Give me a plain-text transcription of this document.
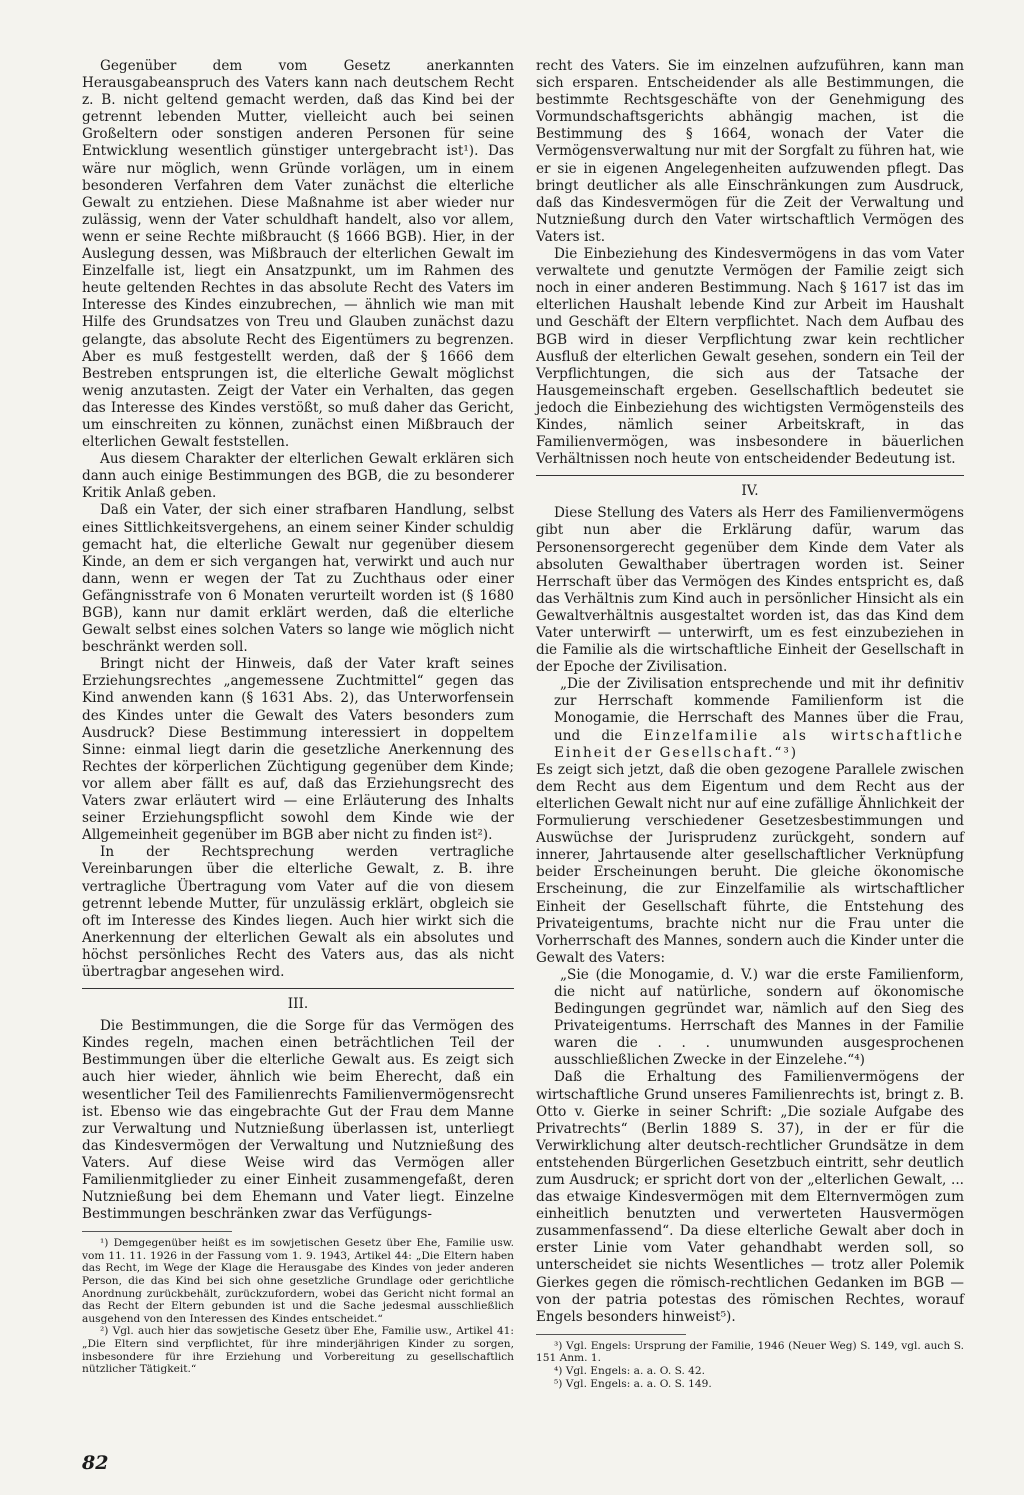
Gegenüber dem vom Gesetz anerkannten Herausgabeanspruch des Vaters kann nach deutschem Recht z. B. nicht geltend gemacht werden, daß das Kind bei der getrennt lebenden Mutter, vielleicht auch bei seinen Großeltern oder sonstigen anderen Personen für seine Entwicklung wesentlich günstiger untergebracht ist¹). Das wäre nur möglich, wenn Gründe vorlägen, um in einem besonderen Verfahren dem Vater zunächst die elterliche Gewalt zu entziehen. Diese Maßnahme ist aber wieder nur zulässig, wenn der Vater schuldhaft handelt, also vor allem, wenn er seine Rechte mißbraucht (§ 1666 BGB). Hier, in der Auslegung dessen, was Mißbrauch der elterlichen Gewalt im Einzelfalle ist, liegt ein Ansatzpunkt, um im Rahmen des heute geltenden Rechtes in das absolute Recht des Vaters im Interesse des Kindes einzubrechen, — ähnlich wie man mit Hilfe des Grundsatzes von Treu und Glauben zunächst dazu gelangte, das absolute Recht des Eigentümers zu begrenzen. Aber es muß festgestellt werden, daß der § 1666 dem Bestreben entsprungen ist, die elterliche Gewalt möglichst wenig anzutasten. Zeigt der Vater ein Verhalten, das gegen das Interesse des Kindes verstößt, so muß daher das Gericht, um einschreiten zu können, zunächst einen Mißbrauch der elterlichen Gewalt feststellen.

Aus diesem Charakter der elterlichen Gewalt erklären sich dann auch einige Bestimmungen des BGB, die zu besonderer Kritik Anlaß geben.

Daß ein Vater, der sich einer strafbaren Handlung, selbst eines Sittlichkeitsvergehens, an einem seiner Kinder schuldig gemacht hat, die elterliche Gewalt nur gegenüber diesem Kinde, an dem er sich vergangen hat, verwirkt und auch nur dann, wenn er wegen der Tat zu Zuchthaus oder einer Gefängnisstrafe von 6 Monaten verurteilt worden ist (§ 1680 BGB), kann nur damit erklärt werden, daß die elterliche Gewalt selbst eines solchen Vaters so lange wie möglich nicht beschränkt werden soll.

Bringt nicht der Hinweis, daß der Vater kraft seines Erziehungsrechtes „angemessene Zuchtmittel“ gegen das Kind anwenden kann (§ 1631 Abs. 2), das Unterworfensein des Kindes unter die Gewalt des Vaters besonders zum Ausdruck? Diese Bestimmung interessiert in doppeltem Sinne: einmal liegt darin die gesetzliche Anerkennung des Rechtes der körperlichen Züchtigung gegenüber dem Kinde; vor allem aber fällt es auf, daß das Erziehungsrecht des Vaters zwar erläutert wird — eine Erläuterung des Inhalts seiner Erziehungspflicht sowohl dem Kinde wie der Allgemeinheit gegenüber im BGB aber nicht zu finden ist²).

In der Rechtsprechung werden vertragliche Vereinbarungen über die elterliche Gewalt, z. B. ihre vertragliche Übertragung vom Vater auf die von diesem getrennt lebende Mutter, für unzulässig erklärt, obgleich sie oft im Interesse des Kindes liegen. Auch hier wirkt sich die Anerkennung der elterlichen Gewalt als ein absolutes und höchst persönliches Recht des Vaters aus, das als nicht übertragbar angesehen wird.

III.

Die Bestimmungen, die die Sorge für das Vermögen des Kindes regeln, machen einen beträchtlichen Teil der Bestimmungen über die elterliche Gewalt aus. Es zeigt sich auch hier wieder, ähnlich wie beim Eherecht, daß ein wesentlicher Teil des Familienrechts Familienvermögensrecht ist. Ebenso wie das eingebrachte Gut der Frau dem Manne zur Verwaltung und Nutznießung überlassen ist, unterliegt das Kindesvermögen der Verwaltung und Nutznießung des Vaters. Auf diese Weise wird das Vermögen aller Familienmitglieder zu einer Einheit zusammengefaßt, deren Nutznießung bei dem Ehemann und Vater liegt. Einzelne Bestimmungen beschränken zwar das Verfügungs-

¹) Demgegenüber heißt es im sowjetischen Gesetz über Ehe, Familie usw. vom 11. 11. 1926 in der Fassung vom 1. 9. 1943, Artikel 44: „Die Eltern haben das Recht, im Wege der Klage die Herausgabe des Kindes von jeder anderen Person, die das Kind bei sich ohne gesetzliche Grundlage oder gerichtliche Anordnung zurückbehält, zurückzufordern, wobei das Gericht nicht formal an das Recht der Eltern gebunden ist und die Sache jedesmal ausschließlich ausgehend von den Interessen des Kindes entscheidet.“

²) Vgl. auch hier das sowjetische Gesetz über Ehe, Familie usw., Artikel 41: „Die Eltern sind verpflichtet, für ihre minderjährigen Kinder zu sorgen, insbesondere für ihre Erziehung und Vorbereitung zu gesellschaftlich nützlicher Tätigkeit.“

recht des Vaters. Sie im einzelnen aufzuführen, kann man sich ersparen. Entscheidender als alle Bestimmungen, die bestimmte Rechtsgeschäfte von der Genehmigung des Vormundschaftsgerichts abhängig machen, ist die Bestimmung des § 1664, wonach der Vater die Vermögensverwaltung nur mit der Sorgfalt zu führen hat, wie er sie in eigenen Angelegenheiten aufzuwenden pflegt. Das bringt deutlicher als alle Einschränkungen zum Ausdruck, daß das Kindesvermögen für die Zeit der Verwaltung und Nutznießung durch den Vater wirtschaftlich Vermögen des Vaters ist.

Die Einbeziehung des Kindesvermögens in das vom Vater verwaltete und genutzte Vermögen der Familie zeigt sich noch in einer anderen Bestimmung. Nach § 1617 ist das im elterlichen Haushalt lebende Kind zur Arbeit im Haushalt und Geschäft der Eltern verpflichtet. Nach dem Aufbau des BGB wird in dieser Verpflichtung zwar kein rechtlicher Ausfluß der elterlichen Gewalt gesehen, sondern ein Teil der Verpflichtungen, die sich aus der Tatsache der Hausgemeinschaft ergeben. Gesellschaftlich bedeutet sie jedoch die Einbeziehung des wichtigsten Vermögensteils des Kindes, nämlich seiner Arbeitskraft, in das Familienvermögen, was insbesondere in bäuerlichen Verhältnissen noch heute von entscheidender Bedeutung ist.

IV.

Diese Stellung des Vaters als Herr des Familienvermögens gibt nun aber die Erklärung dafür, warum das Personensorgerecht gegenüber dem Kinde dem Vater als absoluten Gewalthaber übertragen worden ist. Seiner Herrschaft über das Vermögen des Kindes entspricht es, daß das Verhältnis zum Kind auch in persönlicher Hinsicht als ein Gewaltverhältnis ausgestaltet worden ist, das das Kind dem Vater unterwirft — unterwirft, um es fest einzubeziehen in die Familie als die wirtschaftliche Einheit der Gesellschaft in der Epoche der Zivilisation.

„Die der Zivilisation entsprechende und mit ihr definitiv zur Herrschaft kommende Familienform ist die Monogamie, die Herrschaft des Mannes über die Frau, und die Einzelfamilie als wirtschaftliche Einheit der Gesellschaft.“³)

Es zeigt sich jetzt, daß die oben gezogene Parallele zwischen dem Recht aus dem Eigentum und dem Recht aus der elterlichen Gewalt nicht nur auf eine zufällige Ähnlichkeit der Formulierung verschiedener Gesetzesbestimmungen und Auswüchse der Jurisprudenz zurückgeht, sondern auf innerer, Jahrtausende alter gesellschaftlicher Verknüpfung beider Erscheinungen beruht. Die gleiche ökonomische Erscheinung, die zur Einzelfamilie als wirtschaftlicher Einheit der Gesellschaft führte, die Entstehung des Privateigentums, brachte nicht nur die Frau unter die Vorherrschaft des Mannes, sondern auch die Kinder unter die Gewalt des Vaters:

„Sie (die Monogamie, d. V.) war die erste Familienform, die nicht auf natürliche, sondern auf ökonomische Bedingungen gegründet war, nämlich auf den Sieg des Privateigentums. Herrschaft des Mannes in der Familie waren die . . . unumwunden ausgesprochenen ausschließlichen Zwecke in der Einzelehe.“⁴)

Daß die Erhaltung des Familienvermögens der wirtschaftliche Grund unseres Familienrechts ist, bringt z. B. Otto v. Gierke in seiner Schrift: „Die soziale Aufgabe des Privatrechts“ (Berlin 1889 S. 37), in der er für die Verwirklichung alter deutsch-rechtlicher Grundsätze in dem entstehenden Bürgerlichen Gesetzbuch eintritt, sehr deutlich zum Ausdruck; er spricht dort von der „elterlichen Gewalt, ... das etwaige Kindesvermögen mit dem Elternvermögen zum einheitlich benutzten und verwerteten Hausvermögen zusammenfassend“. Da diese elterliche Gewalt aber doch in erster Linie vom Vater gehandhabt werden soll, so unterscheidet sie nichts Wesentliches — trotz aller Polemik Gierkes gegen die römisch-rechtlichen Gedanken im BGB — von der patria potestas des römischen Rechtes, worauf Engels besonders hinweist⁵).

³) Vgl. Engels: Ursprung der Familie, 1946 (Neuer Weg) S. 149, vgl. auch S. 151 Anm. 1.

⁴) Vgl. Engels: a. a. O. S. 42.

⁵) Vgl. Engels: a. a. O. S. 149.

82
